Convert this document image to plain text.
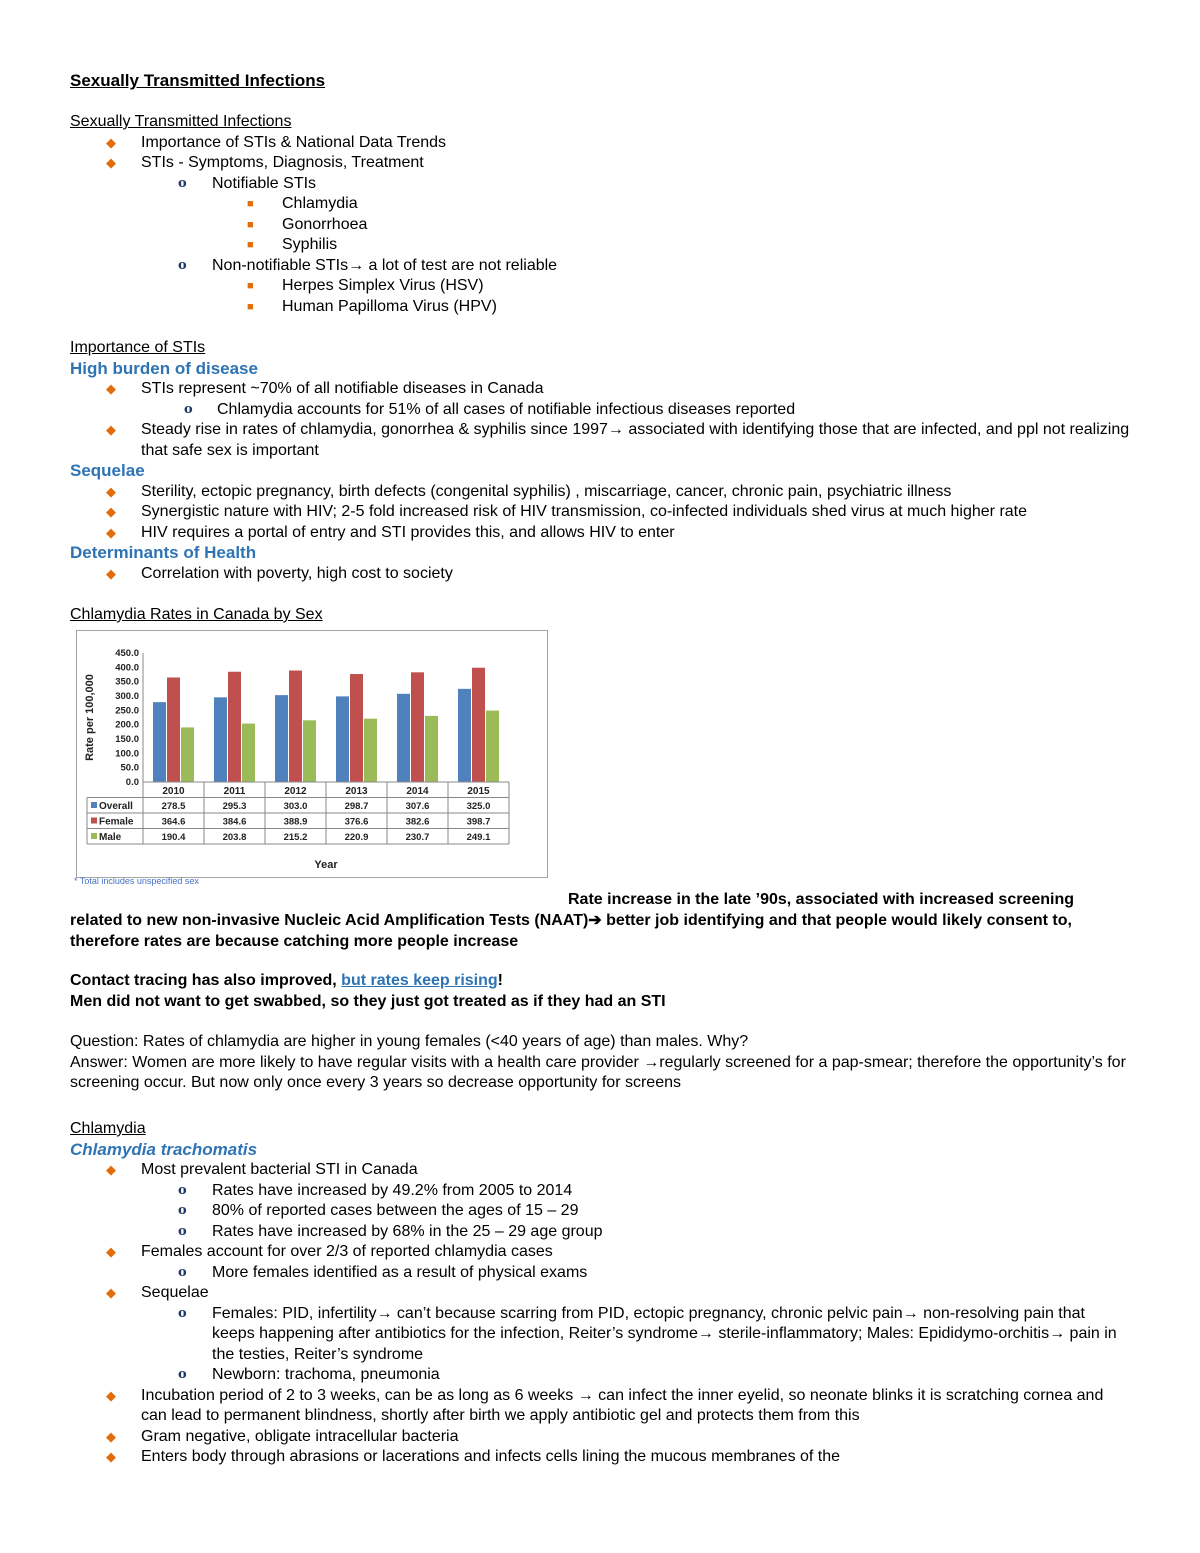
Sexually Transmitted Infections
Sexually Transmitted Infections
◆ Importance of STIs & National Data Trends
◆ STIs - Symptoms, Diagnosis, Treatment
o Notifiable STIs
■ Chlamydia
■ Gonorrhoea
■ Syphilis
o Non-notifiable STIs→ a lot of test are not reliable
■ Herpes Simplex Virus (HSV)
■ Human Papilloma Virus (HPV)
Importance of STIs
High burden of disease
◆ STIs represent ~70% of all notifiable diseases in Canada
o Chlamydia accounts for 51% of all cases of notifiable infectious diseases reported
◆ Steady rise in rates of chlamydia, gonorrhea & syphilis since 1997→ associated with identifying those that are infected, and ppl not realizing that safe sex is important
Sequelae
◆ Sterility, ectopic pregnancy, birth defects (congenital syphilis) , miscarriage, cancer, chronic pain, psychiatric illness
◆ Synergistic nature with HIV; 2-5 fold increased risk of HIV transmission, co-infected individuals shed virus at much higher rate
◆ HIV requires a portal of entry and STI provides this, and allows HIV to enter
Determinants of Health
◆ Correlation with poverty, high cost to society
Chlamydia Rates in Canada by Sex
0.0
50.0
100.0
150.0
200.0
250.0
300.0
350.0
400.0
450.0
Rate per 100,000
2010	2011	2012	2013	2014	2015
Overall	278.5	295.3	303.0	298.7	307.6	325.0
Female	364.6	384.6	388.9	376.6	382.6	398.7
Male	190.4	203.8	215.2	220.9	230.7	249.1
Year
* Total includes unspecified sex
Rate increase in the late ’90s, associated with increased screening
related to new non-invasive Nucleic Acid Amplification Tests (NAAT)➔ better job identifying and that people would likely consent to, therefore rates are because catching more people increase
Contact tracing has also improved, but rates keep rising!
Men did not want to get swabbed, so they just got treated as if they had an STI
Question: Rates of chlamydia are higher in young females (<40 years of age) than males. Why?
Answer: Women are more likely to have regular visits with a health care provider →regularly screened for a pap-smear; therefore the opportunity’s for screening occur. But now only once every 3 years so decrease opportunity for screens
Chlamydia
Chlamydia trachomatis
◆ Most prevalent bacterial STI in Canada
o Rates have increased by 49.2% from 2005 to 2014
o 80% of reported cases between the ages of 15 – 29
o Rates have increased by 68% in the 25 – 29 age group
◆ Females account for over 2/3 of reported chlamydia cases
o More females identified as a result of physical exams
◆ Sequelae
o Females: PID, infertility→ can’t because scarring from PID, ectopic pregnancy, chronic pelvic pain→ non-resolving pain that keeps happening after antibiotics for the infection, Reiter’s syndrome→ sterile-inflammatory; Males: Epididymo-orchitis→ pain in the testies, Reiter’s syndrome
o Newborn: trachoma, pneumonia
◆ Incubation period of 2 to 3 weeks, can be as long as 6 weeks → can infect the inner eyelid, so neonate blinks it is scratching cornea and can lead to permanent blindness, shortly after birth we apply antibiotic gel and protects them from this
◆ Gram negative, obligate intracellular bacteria
◆ Enters body through abrasions or lacerations and infects cells lining the mucous membranes of the
